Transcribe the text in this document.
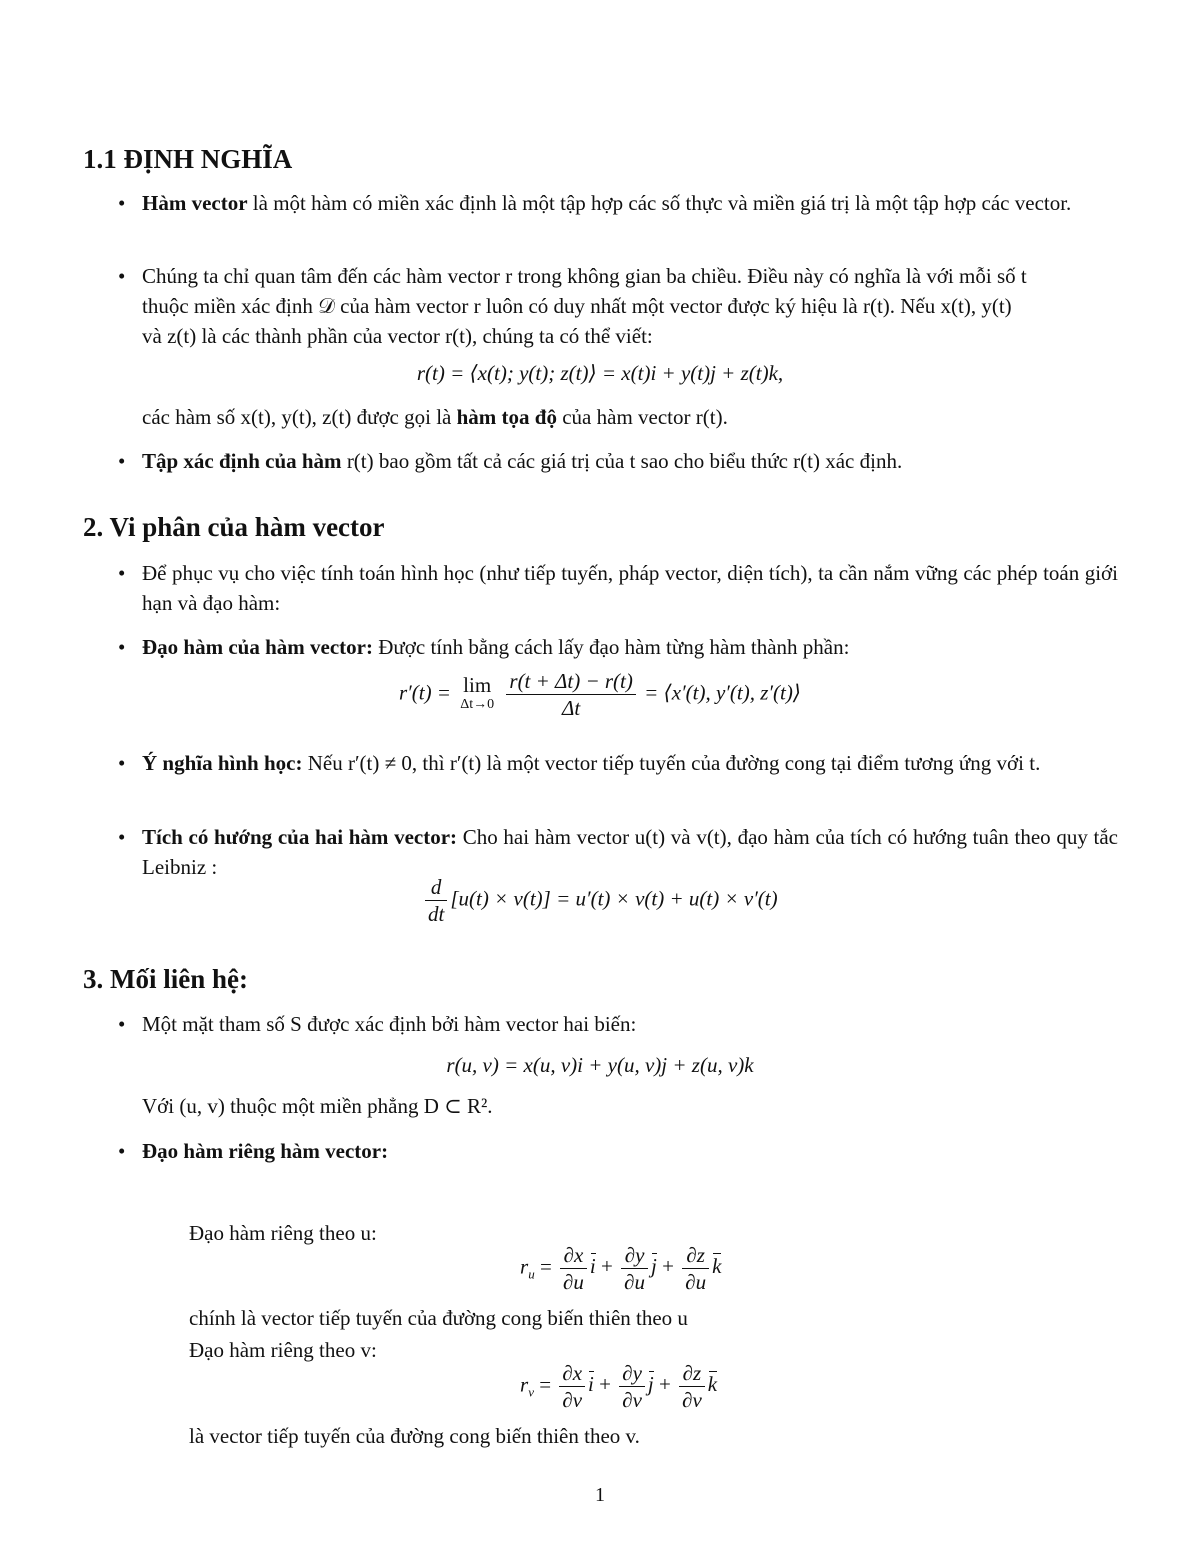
1.1 ĐỊNH NGHĨA
• Hàm vector là một hàm có miền xác định là một tập hợp các số thực và miền giá trị là một tập hợp các vector.
• Chúng ta chỉ quan tâm đến các hàm vector r trong không gian ba chiều. Điều này có nghĩa là với mỗi số t
thuộc miền xác định 𝒟 của hàm vector r luôn có duy nhất một vector được ký hiệu là r(t). Nếu x(t), y(t)
và z(t) là các thành phần của vector r(t), chúng ta có thể viết:
r(t) = ⟨x(t); y(t); z(t)⟩ = x(t)i + y(t)j + z(t)k,
các hàm số x(t), y(t), z(t) được gọi là hàm tọa độ của hàm vector r(t).
• Tập xác định của hàm r(t) bao gồm tất cả các giá trị của t sao cho biểu thức r(t) xác định.
2. Vi phân của hàm vector
• Để phục vụ cho việc tính toán hình học (như tiếp tuyến, pháp vector, diện tích), ta cần nắm vững các phép toán giới hạn và đạo hàm:
• Đạo hàm của hàm vector: Được tính bằng cách lấy đạo hàm từng hàm thành phần:
r′(t) = lim
Δt→0
$\frac{r(t + \Delta t) - r(t)}{\Delta t}$ = ⟨x′(t), y′(t), z′(t)⟩
• Ý nghĩa hình học: Nếu r′(t) ≠ 0, thì r′(t) là một vector tiếp tuyến của đường cong tại điểm tương ứng với t.
• Tích có hướng của hai hàm vector: Cho hai hàm vector u(t) và v(t), đạo hàm của tích có hướng tuân theo quy tắc Leibniz :
$\frac{d}{dt} [u(t) \times v(t)] = u'(t) \times v(t) + u(t) \times v'(t)$
3. Mối liên hệ:
• Một mặt tham số S được xác định bởi hàm vector hai biến:
r(u, v) = x(u, v)i + y(u, v)j + z(u, v)k
Với (u, v) thuộc một miền phẳng D ⊂ R².
• Đạo hàm riêng hàm vector:
Đạo hàm riêng theo u:
$r_u = \frac{\partial x}{\partial u}$ $i + \frac{\partial y}{\partial u}$ $j + \frac{\partial z}{\partial u}$ k
chính là vector tiếp tuyến của đường cong biến thiên theo u
Đạo hàm riêng theo v:
$r_v = \frac{\partial x}{\partial v}$ $i + \frac{\partial y}{\partial v}$ $j + \frac{\partial z}{\partial v}$ k
là vector tiếp tuyến của đường cong biến thiên theo v.
1
